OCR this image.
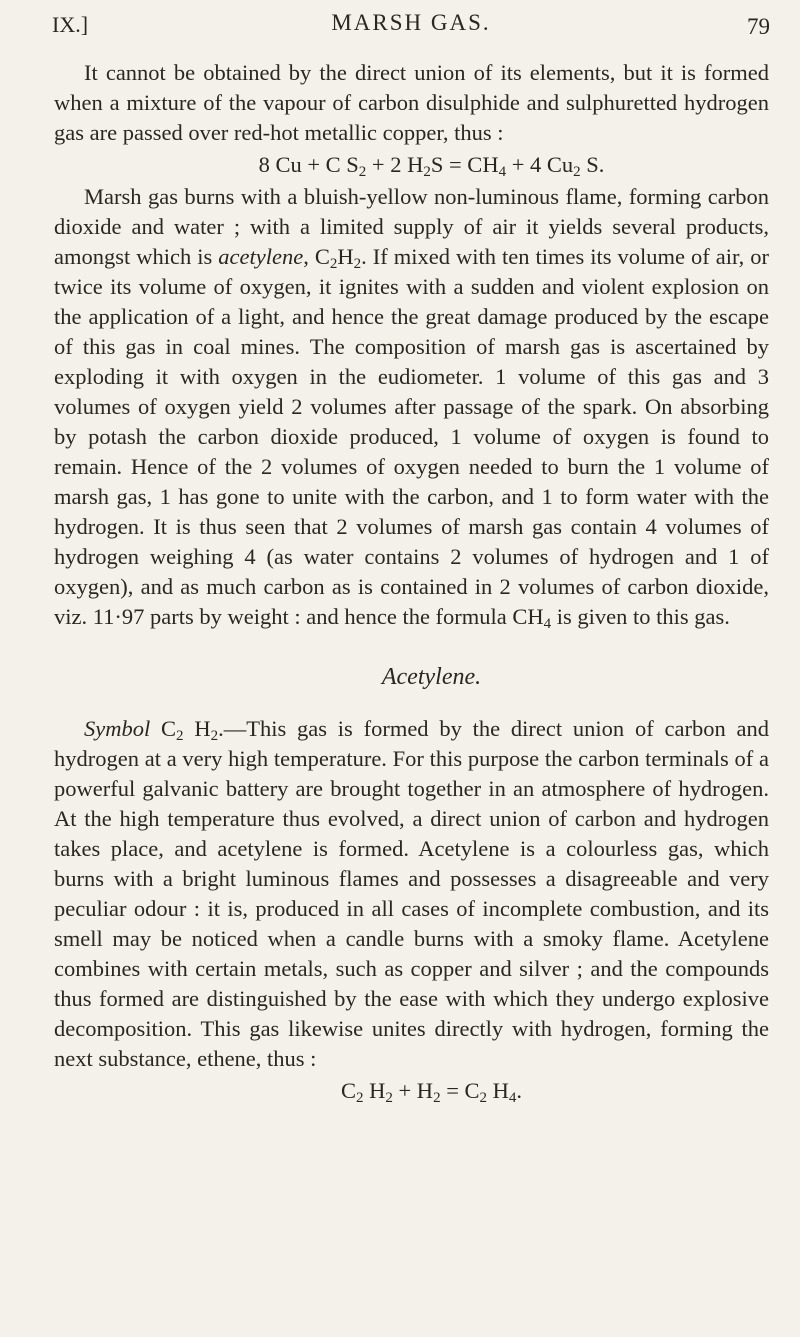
IX.]	MARSH GAS.	79

It cannot be obtained by the direct union of its elements, but it is formed when a mixture of the vapour of carbon disulphide and sulphuretted hydrogen gas are passed over red-hot metallic copper, thus :

8 Cu + C $S_2 + 2$ $H_2S = CH_4 + 4$ $Cu_2$ S.

Marsh gas burns with a bluish-yellow non-luminous flame, forming carbon dioxide and water ; with a limited supply of air it yields several products, amongst which is acetylene, $C_2H_2$. If mixed with ten times its volume of air, or twice its volume of oxygen, it ignites with a sudden and violent explosion on the application of a light, and hence the great damage produced by the escape of this gas in coal mines. The composition of marsh gas is ascertained by exploding it with oxygen in the eudiometer. 1 volume of this gas and 3 volumes of oxygen yield 2 volumes after passage of the spark. On absorbing by potash the carbon dioxide produced, 1 volume of oxygen is found to remain. Hence of the 2 volumes of oxygen needed to burn the 1 volume of marsh gas, 1 has gone to unite with the carbon, and 1 to form water with the hydrogen. It is thus seen that 2 volumes of marsh gas contain 4 volumes of hydrogen weighing 4 (as water contains 2 volumes of hydrogen and 1 of oxygen), and as much carbon as is contained in 2 volumes of carbon dioxide, viz. 11·97 parts by weight : and hence the formula $CH_4$ is given to this gas.

Acetylene.

Symbol $C_2$ $H_2.—This$ gas is formed by the direct union of carbon and hydrogen at a very high temperature. For this purpose the carbon terminals of a powerful galvanic battery are brought together in an atmosphere of hydrogen. At the high temperature thus evolved, a direct union of carbon and hydrogen takes place, and acetylene is formed. Acetylene is a colourless gas, which burns with a bright luminous flames and possesses a disagreeable and very peculiar odour : it is, produced in all cases of incomplete combustion, and its smell may be noticed when a candle burns with a smoky flame. Acetylene combines with certain metals, such as copper and silver ; and the compounds thus formed are distinguished by the ease with which they undergo explosive decomposition. This gas likewise unites directly with hydrogen, forming the next substance, ethene, thus :

$C_2$ $H_2 + H_2 = C_2$ $H_4$.
